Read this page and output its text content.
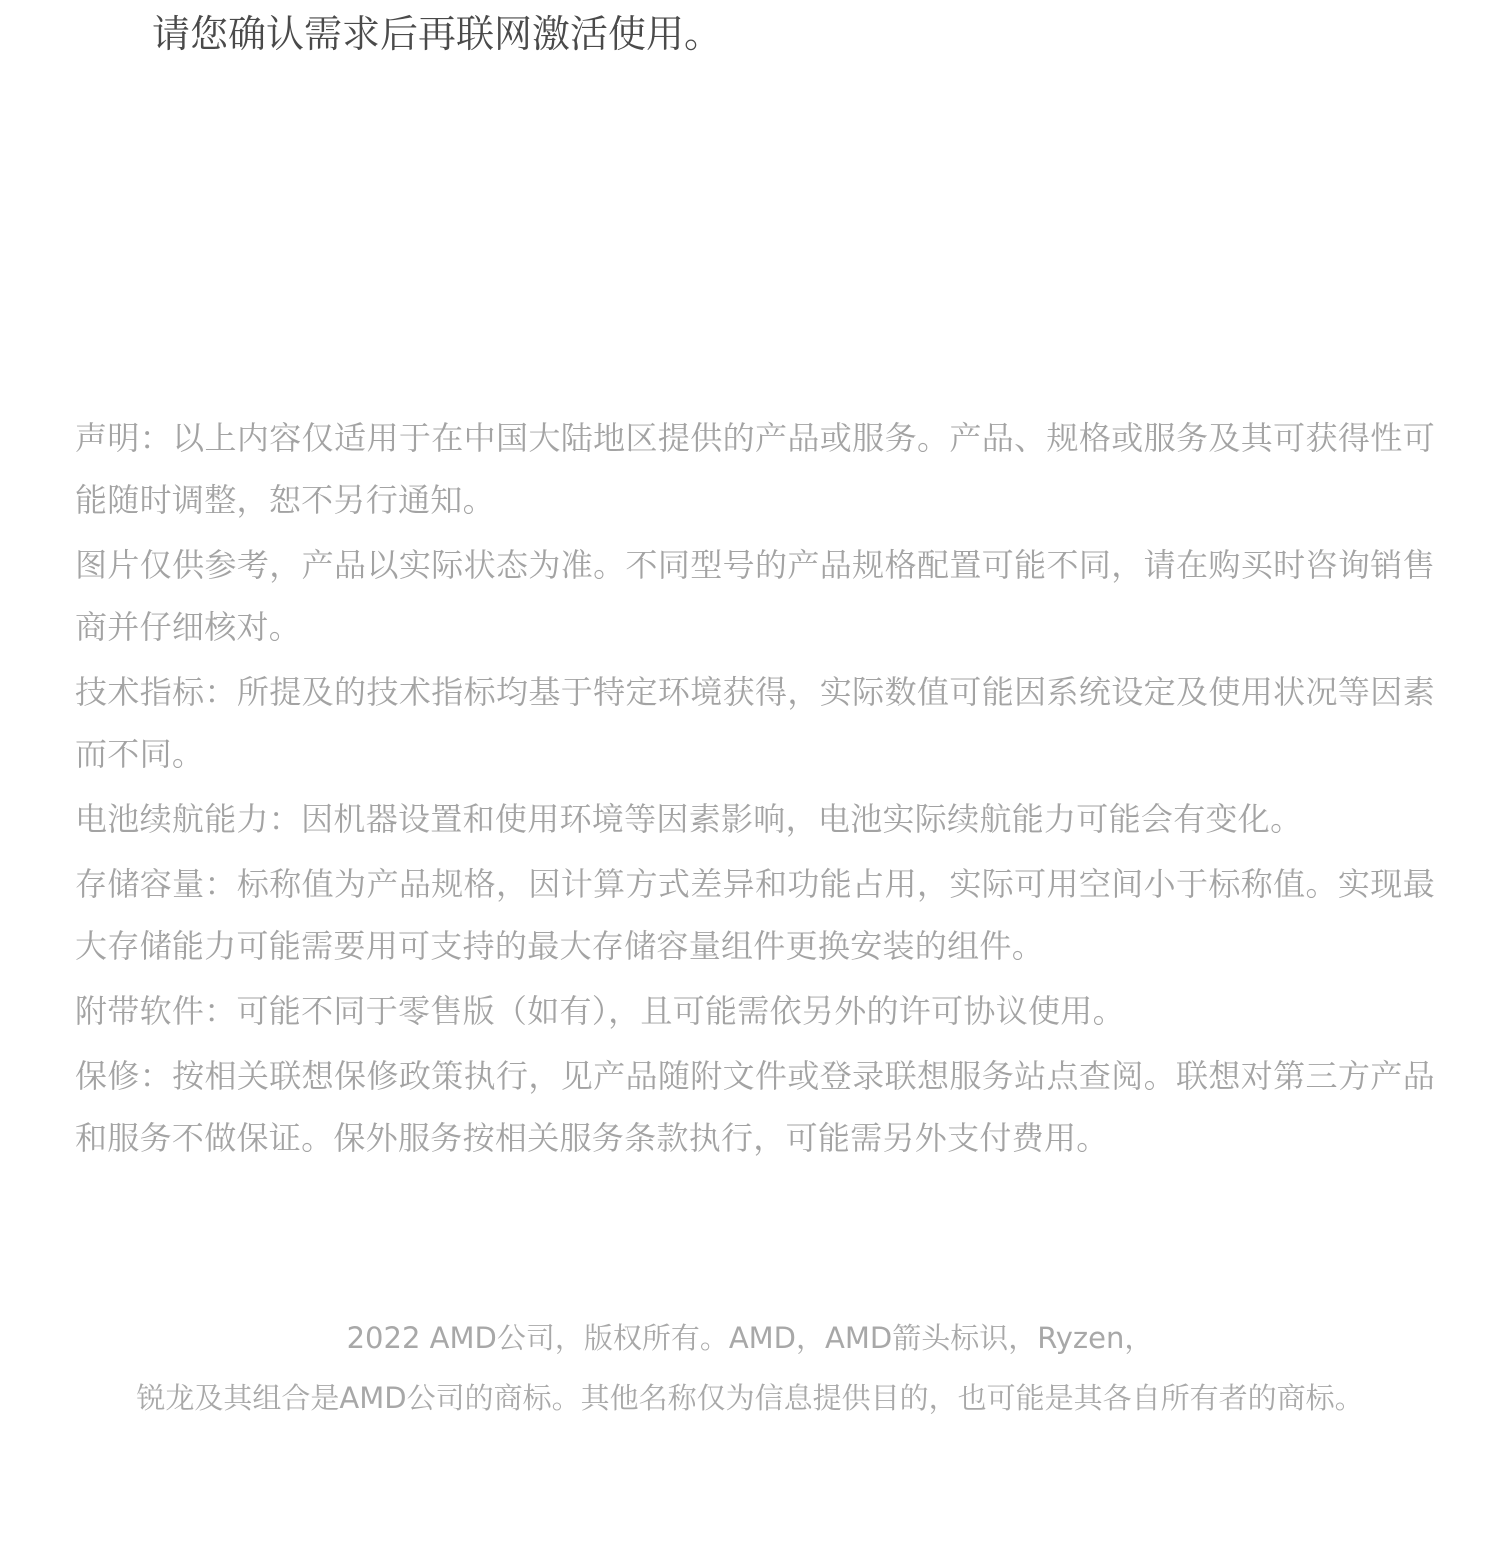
请您确认需求后再联网激活使用。

声明：以上内容仅适用于在中国大陆地区提供的产品或服务。产品、规格或服务及其可获得性可能随时调整，恕不另行通知。

图片仅供参考，产品以实际状态为准。不同型号的产品规格配置可能不同，请在购买时咨询销售商并仔细核对。

技术指标：所提及的技术指标均基于特定环境获得，实际数值可能因系统设定及使用状况等因素而不同。

电池续航能力：因机器设置和使用环境等因素影响，电池实际续航能力可能会有变化。

存储容量：标称值为产品规格，因计算方式差异和功能占用，实际可用空间小于标称值。实现最大存储能力可能需要用可支持的最大存储容量组件更换安装的组件。

附带软件：可能不同于零售版（如有），且可能需依另外的许可协议使用。

保修：按相关联想保修政策执行，见产品随附文件或登录联想服务站点查阅。联想对第三方产品和服务不做保证。保外服务按相关服务条款执行，可能需另外支付费用。

2022 AMD公司，版权所有。AMD，AMD箭头标识，Ryzen，
锐龙及其组合是AMD公司的商标。其他名称仅为信息提供目的，也可能是其各自所有者的商标。
